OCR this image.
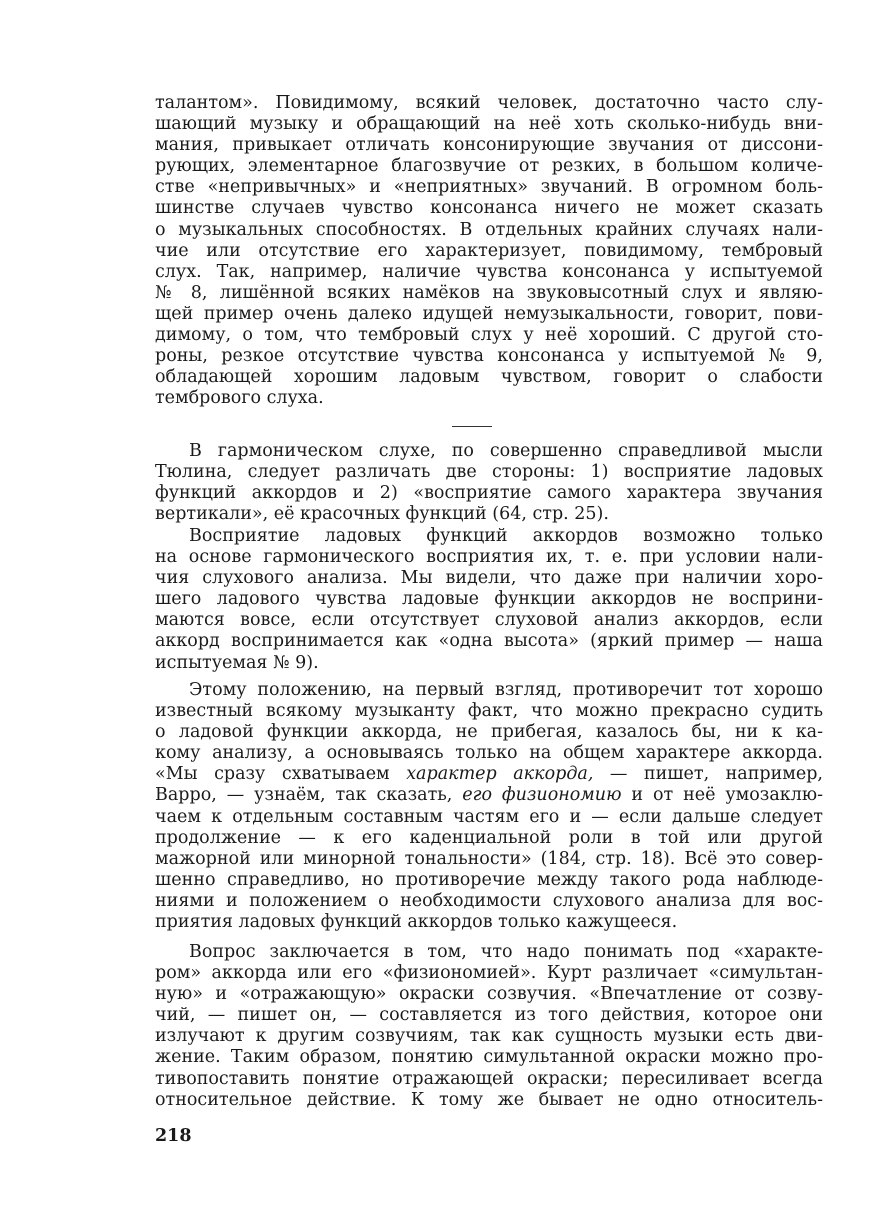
талантом». Повидимому, всякий человек, достаточно часто слу-
шающий музыку и обращающий на неё хоть сколько-нибудь вни-
мания, привыкает отличать консонирующие звучания от диссони-
рующих, элементарное благозвучие от резких, в большом количе-
стве «непривычных» и «неприятных» звучаний. В огромном боль-
шинстве случаев чувство консонанса ничего не может сказать
о музыкальных способностях. В отдельных крайних случаях нали-
чие или отсутствие его характеризует, повидимому, тембровый
слух. Так, например, наличие чувства консонанса у испытуемой
№ 8, лишённой всяких намёков на звуковысотный слух и являю-
щей пример очень далеко идущей немузыкальности, говорит, пови-
димому, о том, что тембровый слух у неё хороший. С другой сто-
роны, резкое отсутствие чувства консонанса у испытуемой № 9,
обладающей хорошим ладовым чувством, говорит о слабости
тембрового слуха.
В гармоническом слухе, по совершенно справедливой мысли
Тюлина, следует различать две стороны: 1) восприятие ладовых
функций аккордов и 2) «восприятие самого характера звучания
вертикали», её красочных функций (64, стр. 25).
Восприятие ладовых функций аккордов возможно только
на основе гармонического восприятия их, т. е. при условии нали-
чия слухового анализа. Мы видели, что даже при наличии хоро-
шего ладового чувства ладовые функции аккордов не восприни-
маются вовсе, если отсутствует слуховой анализ аккордов, если
аккорд воспринимается как «одна высота» (яркий пример — наша
испытуемая № 9).
Этому положению, на первый взгляд, противоречит тот хорошо
известный всякому музыканту факт, что можно прекрасно судить
о ладовой функции аккорда, не прибегая, казалось бы, ни к ка-
кому анализу, а основываясь только на общем характере аккорда.
«Мы сразу схватываем характер аккорда, — пишет, например,
Варро, — узнаём, так сказать, его физиономию и от неё умозаклю-
чаем к отдельным составным частям его и — если дальше следует
продолжение — к его каденциальной роли в той или другой
мажорной или минорной тональности» (184, стр. 18). Всё это совер-
шенно справедливо, но противоречие между такого рода наблюде-
ниями и положением о необходимости слухового анализа для вос-
приятия ладовых функций аккордов только кажущееся.
Вопрос заключается в том, что надо понимать под «характе-
ром» аккорда или его «физиономией». Курт различает «симультан-
ную» и «отражающую» окраски созвучия. «Впечатление от созву-
чий, — пишет он, — составляется из того действия, которое они
излучают к другим созвучиям, так как сущность музыки есть дви-
жение. Таким образом, понятию симультанной окраски можно про-
тивопоставить понятие отражающей окраски; пересиливает всегда
относительное действие. К тому же бывает не одно относитель-
218
